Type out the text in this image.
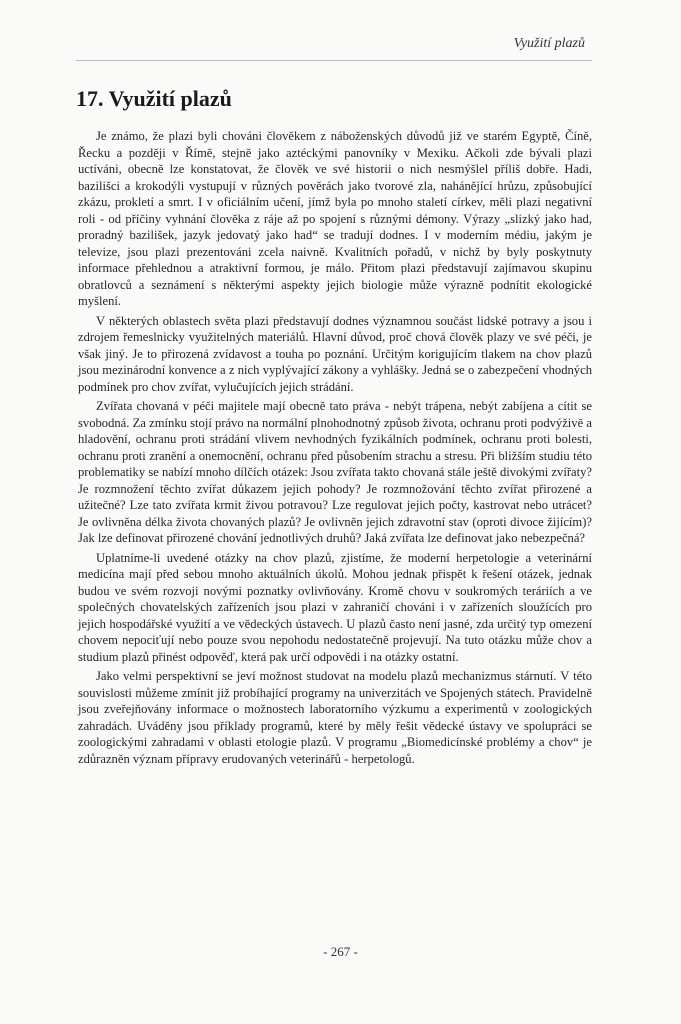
Využití plazů
17. Využití plazů

Je známo, že plazi byli chováni člověkem z náboženských důvodů již ve starém Egyptě, Číně, Řecku a později v Římě, stejně jako aztéckými panovníky v Mexiku. Ačkoli zde bývali plazi uctíváni, obecně lze konstatovat, že člověk ve své historii o nich nesmýšlel příliš dobře. Hadi, bazilišci a krokodýli vystupují v různých pověrách jako tvorové zla, nahánějící hrůzu, způsobující zkázu, prokletí a smrt. I v oficiálním učení, jímž byla po mnoho staletí církev, měli plazi negativní roli - od příčiny vyhnání člověka z ráje až po spojení s různými démony. Výrazy „slizký jako had, proradný bazilišek, jazyk jedovatý jako had“ se tradují dodnes. I v moderním médiu, jakým je televize, jsou plazi prezentováni zcela naivně. Kvalitních pořadů, v nichž by byly poskytnuty informace přehlednou a atraktivní formou, je málo. Přitom plazi představují zajímavou skupinu obratlovců a seznámení s některými aspekty jejich biologie může výrazně podnítit ekologické myšlení.

V některých oblastech světa plazi představují dodnes významnou součást lidské potravy a jsou i zdrojem řemeslnicky využitelných materiálů. Hlavní důvod, proč chová člověk plazy ve své péči, je však jiný. Je to přirozená zvídavost a touha po poznání. Určitým korigujícím tlakem na chov plazů jsou mezinárodní konvence a z nich vyplývající zákony a vyhlášky. Jedná se o zabezpečení vhodných podmínek pro chov zvířat, vylučujících jejich strádání.

Zvířata chovaná v péči majitele mají obecně tato práva - nebýt trápena, nebýt zabíjena a cítit se svobodná. Za zmínku stojí právo na normální plnohodnotný způsob života, ochranu proti podvýživě a hladovění, ochranu proti strádání vlivem nevhodných fyzikálních podmínek, ochranu proti bolesti, ochranu proti zranění a onemocnění, ochranu před působením strachu a stresu. Při bližším studiu této problematiky se nabízí mnoho dílčích otázek: Jsou zvířata takto chovaná stále ještě divokými zvířaty? Je rozmnožení těchto zvířat důkazem jejich pohody? Je rozmnožování těchto zvířat přirozené a užitečné? Lze tato zvířata krmit živou potravou? Lze regulovat jejich počty, kastrovat nebo utrácet? Je ovlivněna délka života chovaných plazů? Je ovlivněn jejich zdravotní stav (oproti divoce žijícím)? Jak lze definovat přirozené chování jednotlivých druhů? Jaká zvířata lze definovat jako nebezpečná?

Uplatníme-li uvedené otázky na chov plazů, zjistíme, že moderní herpetologie a veterinární medicína mají před sebou mnoho aktuálních úkolů. Mohou jednak přispět k řešení otázek, jednak budou ve svém rozvoji novými poznatky ovlivňovány. Kromě chovu v soukromých teráriích a ve společných chovatelských zařízeních jsou plazi v zahraničí chováni i v zařízeních sloužících pro jejich hospodářské využití a ve vědeckých ústavech. U plazů často není jasné, zda určitý typ omezení chovem nepociťují nebo pouze svou nepohodu nedostatečně projevují. Na tuto otázku může chov a studium plazů přinést odpověď, která pak určí odpovědi i na otázky ostatní.

Jako velmi perspektivní se jeví možnost studovat na modelu plazů mechanizmus stárnutí. V této souvislosti můžeme zmínit již probíhající programy na univerzitách ve Spojených státech. Pravidelně jsou zveřejňovány informace o možnostech laboratorního výzkumu a experimentů v zoologických zahradách. Uváděny jsou příklady programů, které by měly řešit vědecké ústavy ve spolupráci se zoologickými zahradami v oblasti etologie plazů. V programu „Biomedicínské problémy a chov“ je zdůrazněn význam přípravy erudovaných veterinářů - herpetologů.

- 267 -
